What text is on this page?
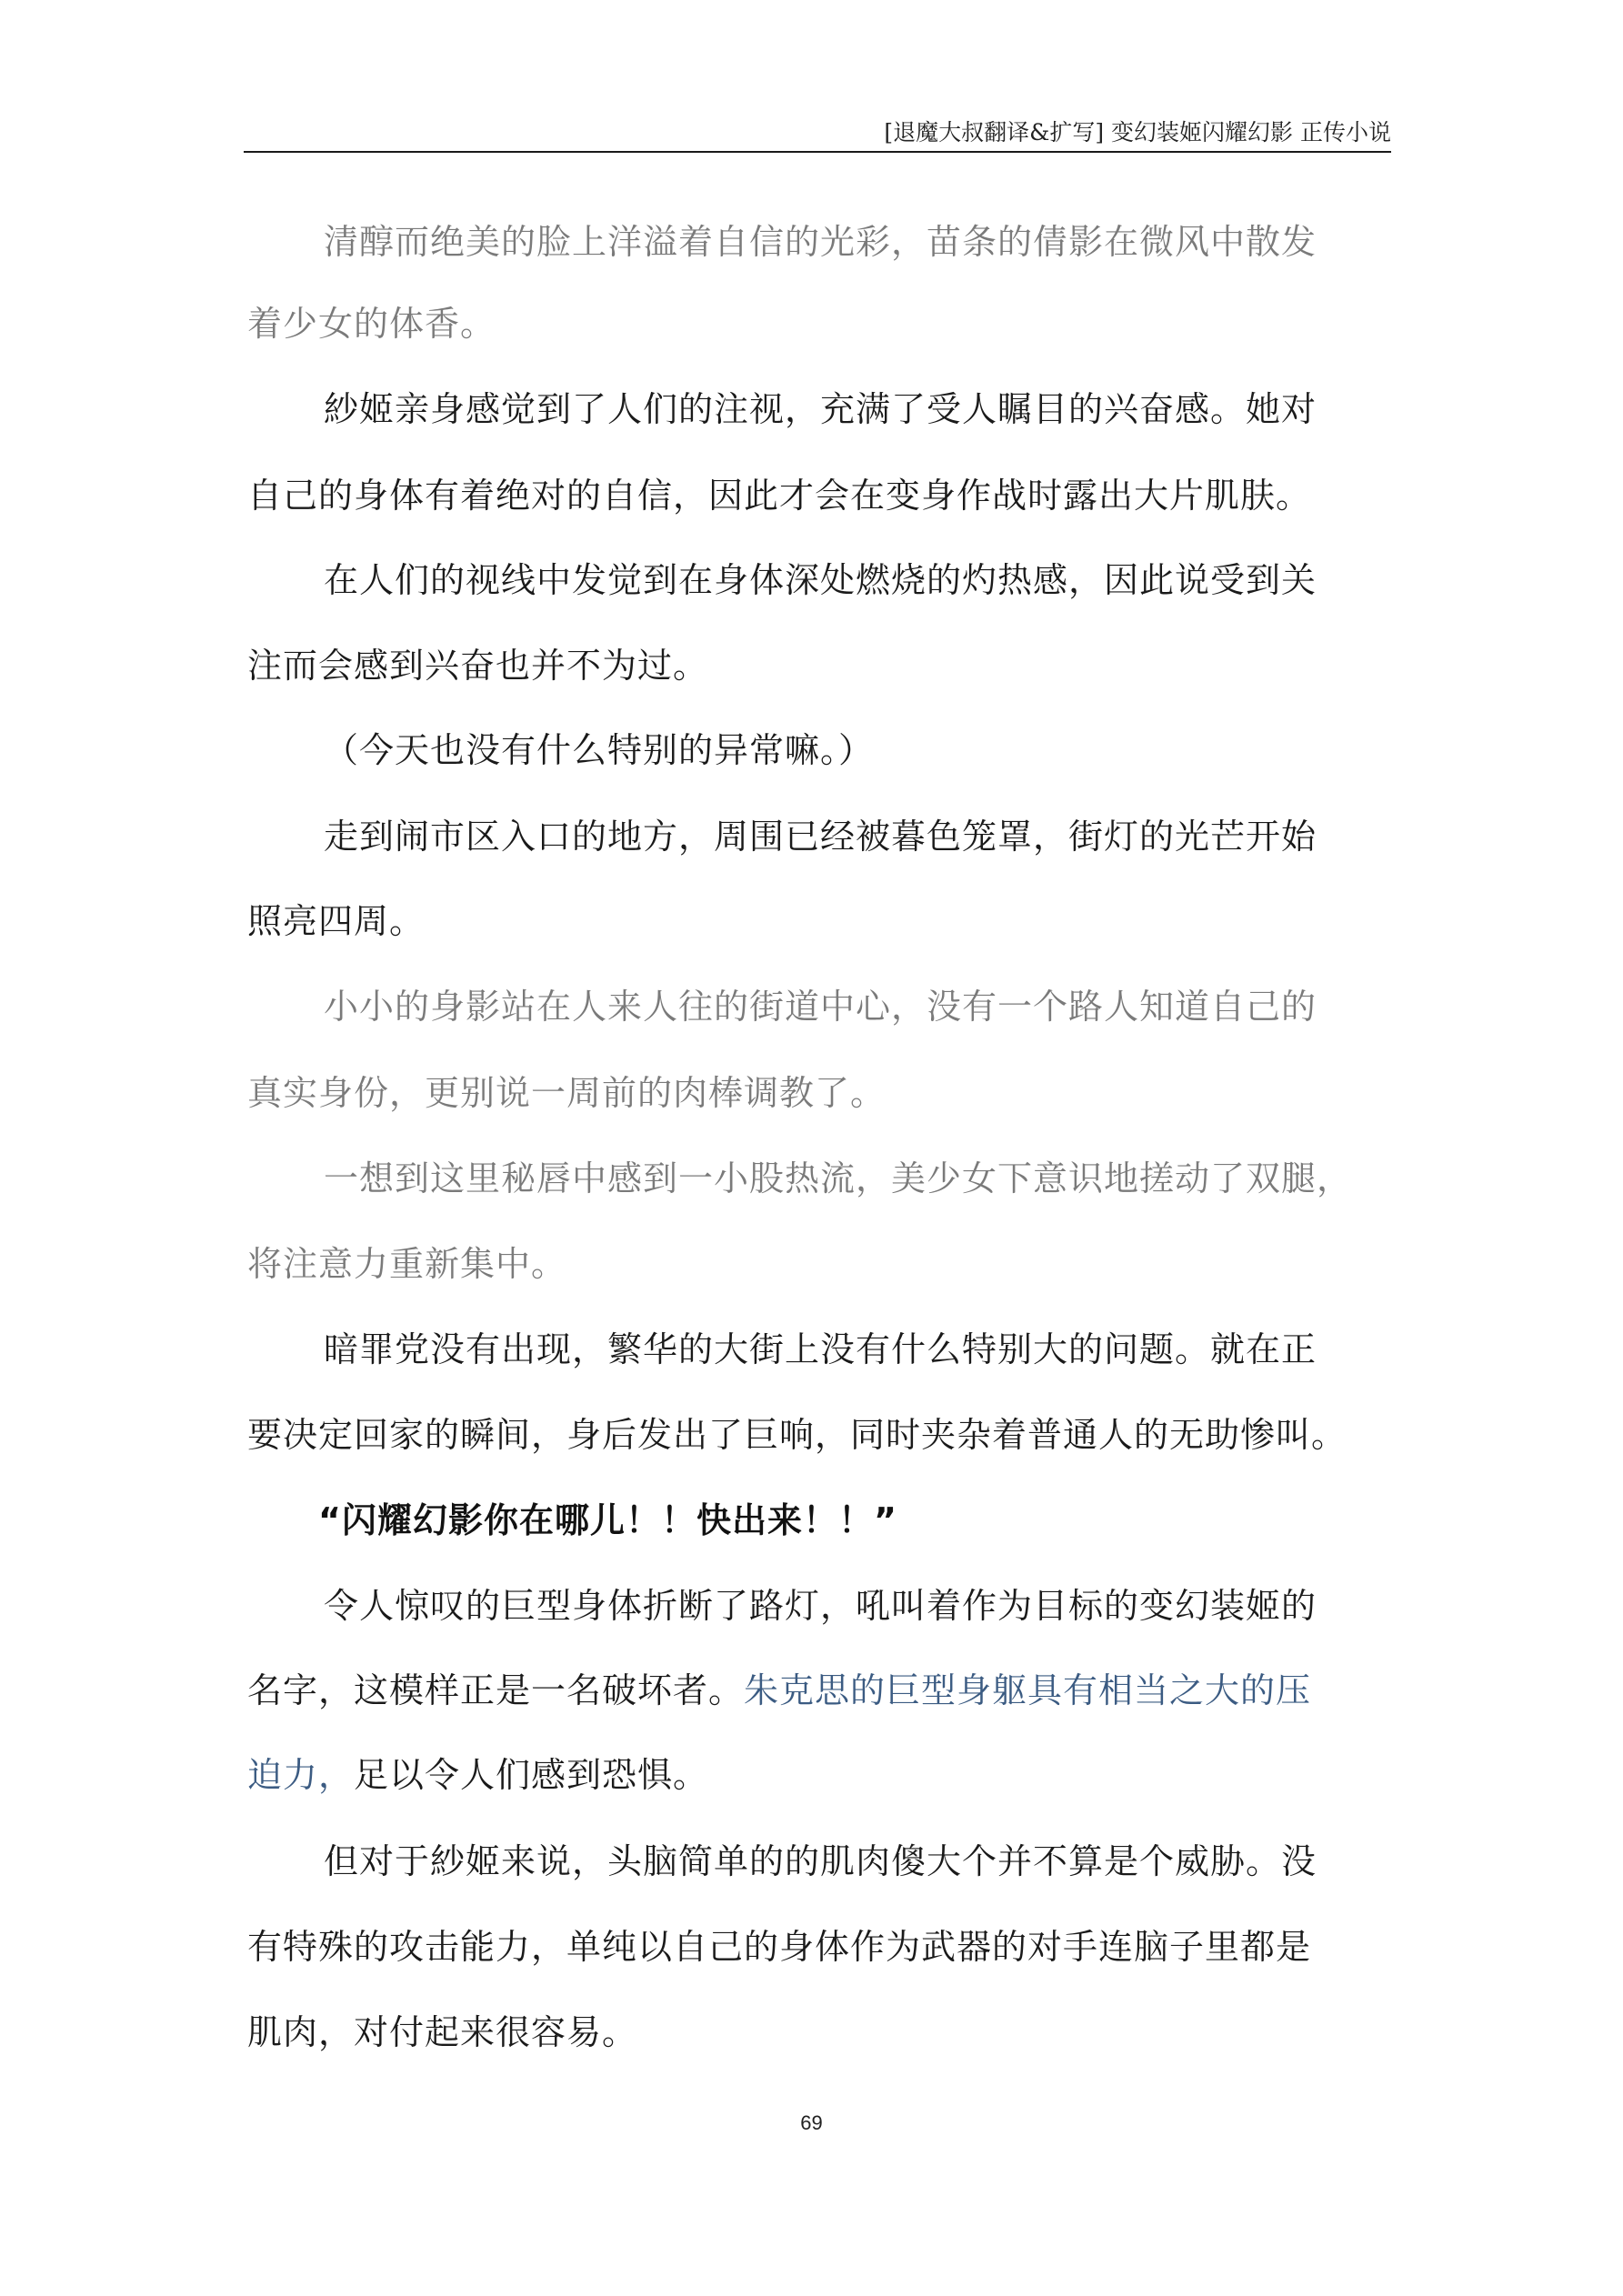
[退魔大叔翻译&扩写] 变幻装姬闪耀幻影 正传小说
清醇而绝美的脸上洋溢着自信的光彩，苗条的倩影在微风中散发
着少女的体香。
紗姬亲身感觉到了人们的注视，充满了受人瞩目的兴奋感。她对
自己的身体有着绝对的自信，因此才会在变身作战时露出大片肌肤。
在人们的视线中发觉到在身体深处燃烧的灼热感，因此说受到关
注而会感到兴奋也并不为过。
（今天也没有什么特别的异常嘛。）
走到闹市区入口的地方，周围已经被暮色笼罩，街灯的光芒开始
照亮四周。
小小的身影站在人来人往的街道中心，没有一个路人知道自己的
真实身份，更别说一周前的肉棒调教了。
一想到这里秘唇中感到一小股热流，美少女下意识地搓动了双腿，
将注意力重新集中。
暗罪党没有出现，繁华的大街上没有什么特别大的问题。就在正
要决定回家的瞬间，身后发出了巨响，同时夹杂着普通人的无助惨叫。
“闪耀幻影你在哪儿！！快出来！！”
令人惊叹的巨型身体折断了路灯，吼叫着作为目标的变幻装姬的
名字，这模样正是一名破坏者。朱克思的巨型身躯具有相当之大的压
迫力，足以令人们感到恐惧。
但对于紗姬来说，头脑简单的的肌肉傻大个并不算是个威胁。没
有特殊的攻击能力，单纯以自己的身体作为武器的对手连脑子里都是
肌肉，对付起来很容易。
69
